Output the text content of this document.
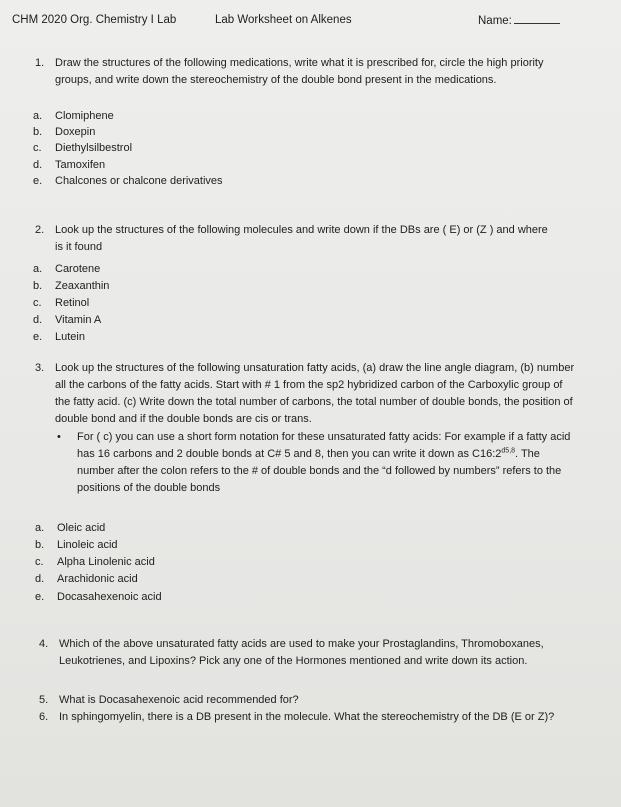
CHM 2020 Org. Chemistry I Lab	Lab Worksheet on Alkenes	Name:
1. Draw the structures of the following medications, write what it is prescribed for, circle the high priority groups, and write down the stereochemistry of the double bond present in the medications.
a. Clomiphene
b. Doxepin
c. Diethylsilbestrol
d. Tamoxifen
e. Chalcones or chalcone derivatives
2. Look up the structures of the following molecules and write down if the DBs are ( E) or (Z ) and where is it found
a. Carotene
b. Zeaxanthin
c. Retinol
d. Vitamin A
e. Lutein
3. Look up the structures of the following unsaturation fatty acids, (a) draw the line angle diagram, (b) number all the carbons of the fatty acids. Start with # 1 from the sp2 hybridized carbon of the Carboxylic group of the fatty acid. (c) Write down the total number of carbons, the total number of double bonds, the position of double bond and if the double bonds are cis or trans.
• For ( c) you can use a short form notation for these unsaturated fatty acids: For example if a fatty acid has 16 carbons and 2 double bonds at C# 5 and 8, then you can write it down as $C16:2^{d5,8}$. The number after the colon refers to the # of double bonds and the “d followed by numbers” refers to the positions of the double bonds
a. Oleic acid
b. Linoleic acid
c. Alpha Linolenic acid
d. Arachidonic acid
e. Docasahexenoic acid
4. Which of the above unsaturated fatty acids are used to make your Prostaglandins, Thromoboxanes, Leukotrienes, and Lipoxins? Pick any one of the Hormones mentioned and write down its action.
5. What is Docasahexenoic acid recommended for?
6. In sphingomyelin, there is a DB present in the molecule. What the stereochemistry of the DB (E or Z)?
